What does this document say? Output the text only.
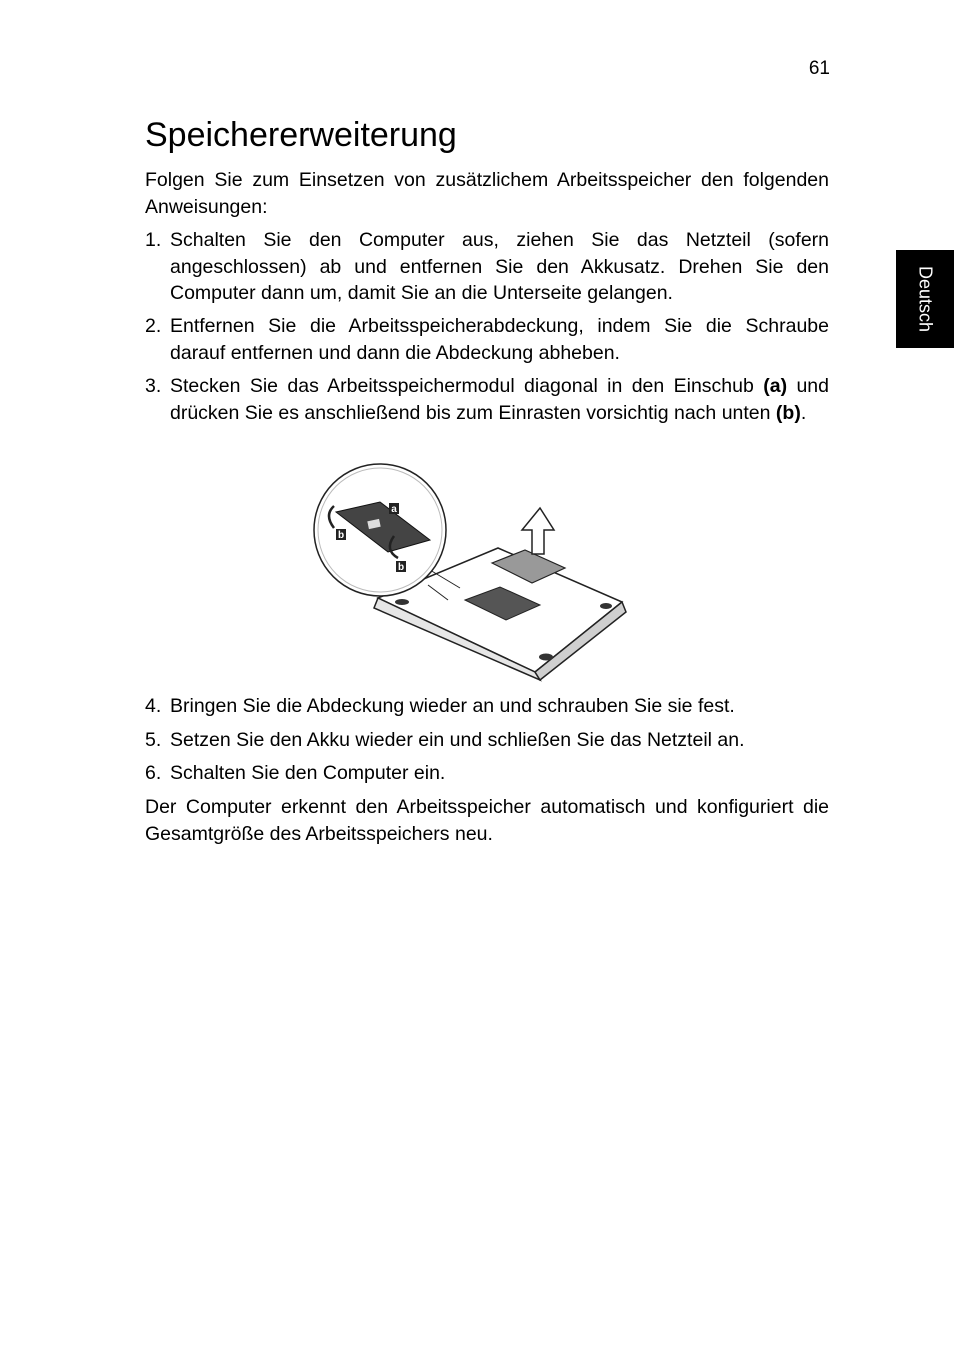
61
Deutsch
Speichererweiterung

Folgen Sie zum Einsetzen von zusätzlichem Arbeitsspeicher den folgenden Anweisungen:

1. Schalten Sie den Computer aus, ziehen Sie das Netzteil (sofern angeschlossen) ab und entfernen Sie den Akkusatz. Drehen Sie den Computer dann um, damit Sie an die Unterseite gelangen.
2. Entfernen Sie die Arbeitsspeicherabdeckung, indem Sie die Schraube darauf entfernen und dann die Abdeckung abheben.
3. Stecken Sie das Arbeitsspeichermodul diagonal in den Einschub (a) und drücken Sie es anschließend bis zum Einrasten vorsichtig nach unten (b).
a
b
b
4. Bringen Sie die Abdeckung wieder an und schrauben Sie sie fest.
5. Setzen Sie den Akku wieder ein und schließen Sie das Netzteil an.
6. Schalten Sie den Computer ein.

Der Computer erkennt den Arbeitsspeicher automatisch und konfiguriert die Gesamtgröße des Arbeitsspeichers neu.
